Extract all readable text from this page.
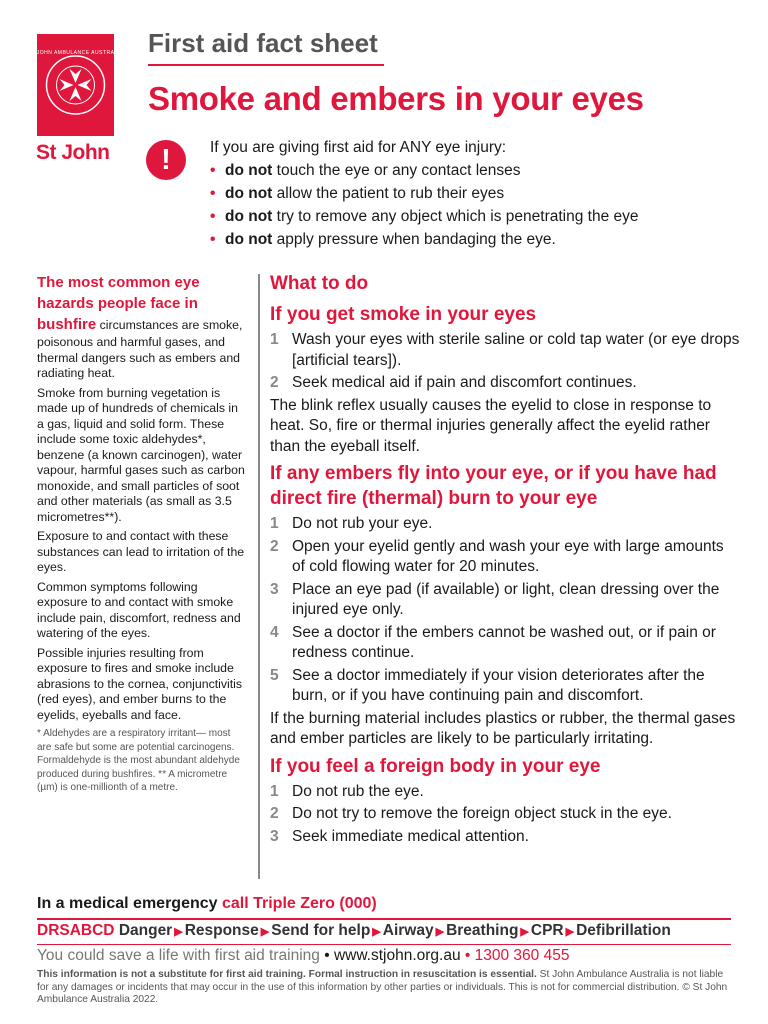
ST JOHN AMBULANCE AUSTRALIA
St John
First aid fact sheet
Smoke and embers in your eyes
!	If you are giving first aid for ANY eye injury:
• do not touch the eye or any contact lenses
• do not allow the patient to rub their eyes
• do not try to remove any object which is penetrating the eye
• do not apply pressure when bandaging the eye.

The most common eye hazards people face in bushfire circumstances are smoke, poisonous and harmful gases, and thermal dangers such as embers and radiating heat.

Smoke from burning vegetation is made up of hundreds of chemicals in a gas, liquid and solid form. These include some toxic aldehydes*, benzene (a known carcinogen), water vapour, harmful gases such as carbon monoxide, and small particles of soot and other materials (as small as 3.5 micrometres**).

Exposure to and contact with these substances can lead to irritation of the eyes.

Common symptoms following exposure to and contact with smoke include pain, discomfort, redness and watering of the eyes.

Possible injuries resulting from exposure to fires and smoke include abrasions to the cornea, conjunctivitis (red eyes), and ember burns to the eyelids, eyeballs and face.

* Aldehydes are a respiratory irritant— most are safe but some are potential carcinogens. Formaldehyde is the most abundant aldehyde produced during bushfires. ** A micrometre (µm) is one-millionth of a metre.
What to do
If you get smoke in your eyes
1 Wash your eyes with sterile saline or cold tap water (or eye drops [artificial tears]).
2 Seek medical aid if pain and discomfort continues.

The blink reflex usually causes the eyelid to close in response to heat. So, fire or thermal injuries generally affect the eyelid rather than the eyeball itself.

If any embers fly into your eye, or if you have had direct fire (thermal) burn to your eye
1 Do not rub your eye.
2 Open your eyelid gently and wash your eye with large amounts of cold flowing water for 20 minutes.
3 Place an eye pad (if available) or light, clean dressing over the injured eye only.
4 See a doctor if the embers cannot be washed out, or if pain or redness continue.
5 See a doctor immediately if your vision deteriorates after the burn, or if you have continuing pain and discomfort.

If the burning material includes plastics or rubber, the thermal gases and ember particles are likely to be particularly irritating.

If you feel a foreign body in your eye
1 Do not rub the eye.
2 Do not try to remove the foreign object stuck in the eye.
3 Seek immediate medical attention.
In a medical emergency call Triple Zero (000)
DRSABCD Danger ▶ Response ▶ Send for help ▶ Airway ▶ Breathing ▶ CPR ▶ Defibrillation
You could save a life with first aid training • www.stjohn.org.au • 1300 360 455
This information is not a substitute for first aid training. Formal instruction in resuscitation is essential. St John Ambulance Australia is not liable for any damages or incidents that may occur in the use of this information by other parties or individuals. This is not for commercial distribution. © St John Ambulance Australia 2022.
